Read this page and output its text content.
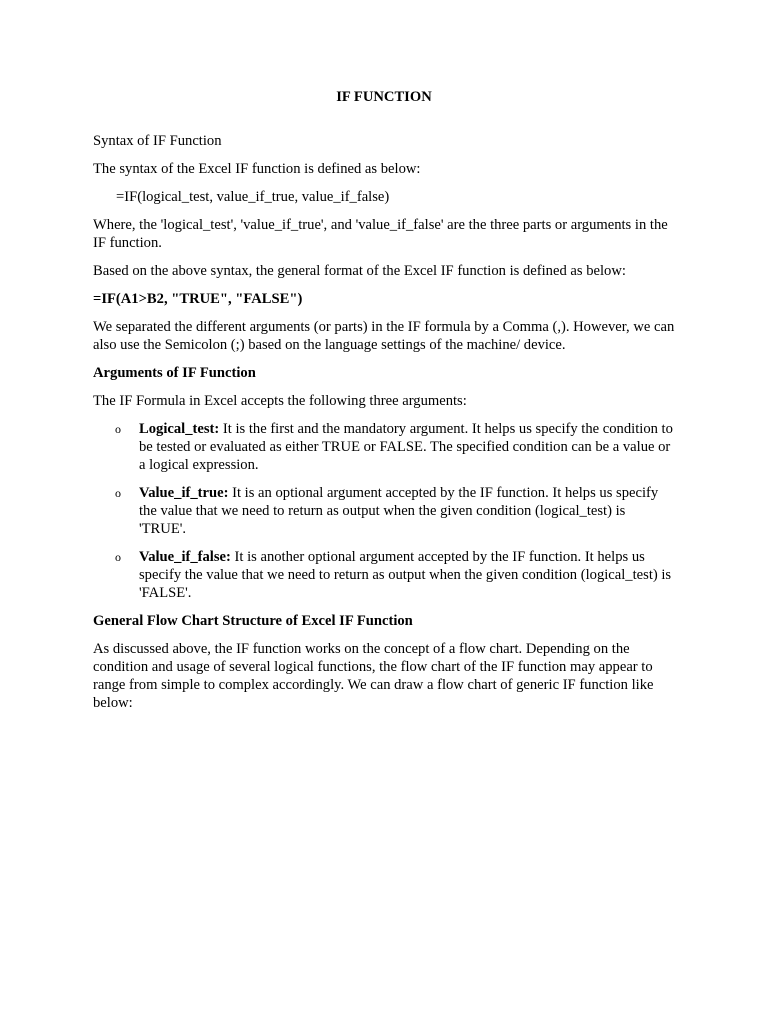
IF FUNCTION

Syntax of IF Function

The syntax of the Excel IF function is defined as below:

=IF(logical_test, value_if_true, value_if_false)

Where, the 'logical_test', 'value_if_true', and 'value_if_false' are the three parts or arguments in the IF function.

Based on the above syntax, the general format of the Excel IF function is defined as below:

=IF(A1>B2, "TRUE", "FALSE")

We separated the different arguments (or parts) in the IF formula by a Comma (,). However, we can also use the Semicolon (;) based on the language settings of the machine/ device.

Arguments of IF Function

The IF Formula in Excel accepts the following three arguments:

o Logical_test: It is the first and the mandatory argument. It helps us specify the condition to be tested or evaluated as either TRUE or FALSE. The specified condition can be a value or a logical expression.
o Value_if_true: It is an optional argument accepted by the IF function. It helps us specify the value that we need to return as output when the given condition (logical_test) is 'TRUE'.
o Value_if_false: It is another optional argument accepted by the IF function. It helps us specify the value that we need to return as output when the given condition (logical_test) is 'FALSE'.

General Flow Chart Structure of Excel IF Function

As discussed above, the IF function works on the concept of a flow chart. Depending on the condition and usage of several logical functions, the flow chart of the IF function may appear to range from simple to complex accordingly. We can draw a flow chart of generic IF function like below:
